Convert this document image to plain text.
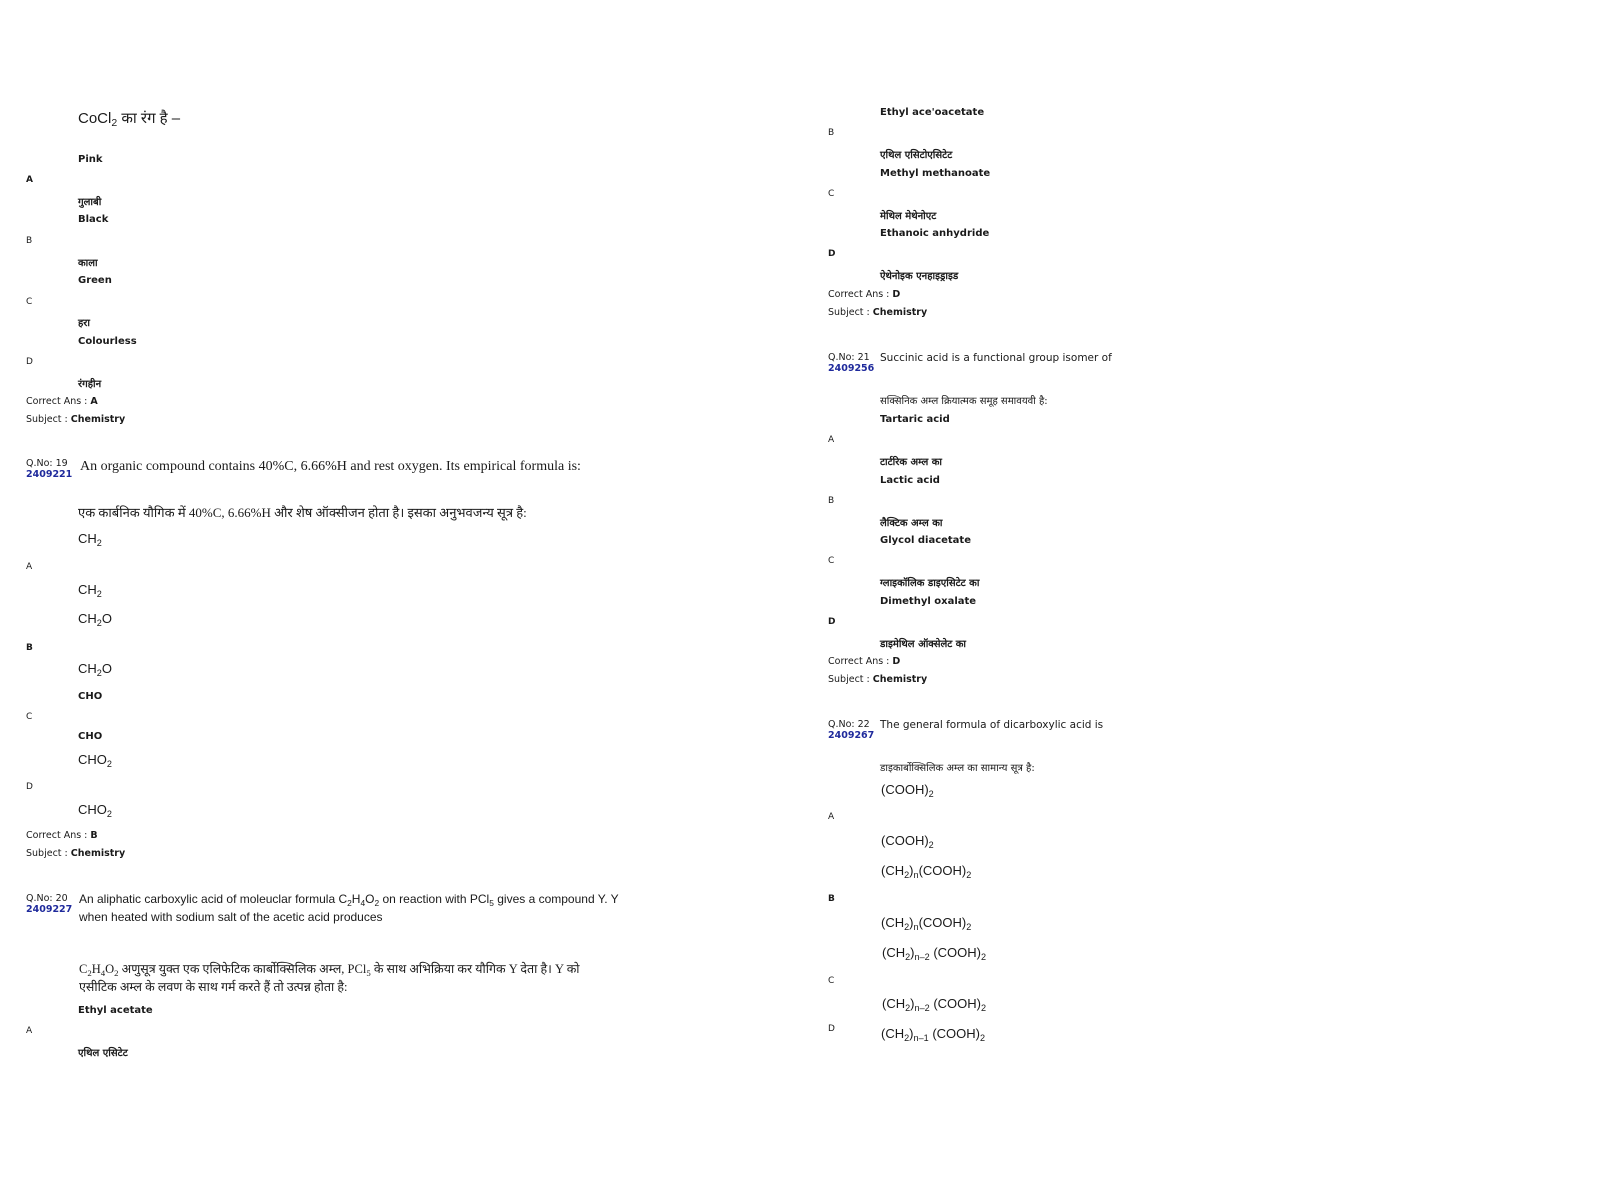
CoCl$_2$ का रंग है –
Pink
A
गुलाबी
Black
B
काला
Green
C
हरा
Colourless
D
रंगहीन
Correct Ans : A
Subject : Chemistry
Q.No: 19
2409221
An organic compound contains 40%C, 6.66%H and rest oxygen. Its empirical formula is:
एक कार्बनिक यौगिक में 40%C, 6.66%H और शेष ऑक्सीजन होता है। इसका अनुभवजन्य सूत्र है:
$CH_2$
A
$CH_2$
$CH_2O$
B
$CH_2O$
CHO
C
CHO
$CHO_2$
D
$CHO_2$
Correct Ans : B
Subject : Chemistry
Q.No: 20
2409227
An aliphatic carboxylic acid of moleuclar formula $C_2H_4O_2$ on reaction with PCl$_5$ gives a compound Y. Y
when heated with sodium salt of the acetic acid produces
$C_2H_4O_2$ अणुसूत्र युक्त एक एलिफेटिक कार्बोक्सिलिक अम्ल, PCl$_5$ के साथ अभिक्रिया कर यौगिक Y देता है। Y को
एसीटिक अम्ल के लवण के साथ गर्म करते हैं तो उत्पन्न होता है:
Ethyl acetate
A
एथिल एसिटेट
Ethyl ace'oacetate
B
एथिल एसिटोएसिटेट
Methyl methanoate
C
मेथिल मेथेनोएट
Ethanoic anhydride
D
ऐथेनोइक एनहाइड्राइड
Correct Ans : D
Subject : Chemistry
Q.No: 21
2409256
Succinic acid is a functional group isomer of
सक्सिनिक अम्ल क्रियात्मक समूह समावयवी है:
Tartaric acid
A
टार्टरिक अम्ल का
Lactic acid
B
लैक्टिक अम्ल का
Glycol diacetate
C
ग्लाइकॉलिक डाइएसिटेट का
Dimethyl oxalate
D
डाइमेथिल ऑक्सेलेट का
Correct Ans : D
Subject : Chemistry
Q.No: 22
2409267
The general formula of dicarboxylic acid is
डाइकार्बोक्सिलिक अम्ल का सामान्य सूत्र है:
$(COOH)_2$
A
$(COOH)_2$
$(CH_2)_n(COOH)_2$
B
$(CH_2)_n(COOH)_2$
$(CH_2)_{n-2}$ $(COOH)_2$
C
$(CH_2)_{n-2}$ $(COOH)_2$
D	$(CH_2)_{n-1}$ $(COOH)_2$
